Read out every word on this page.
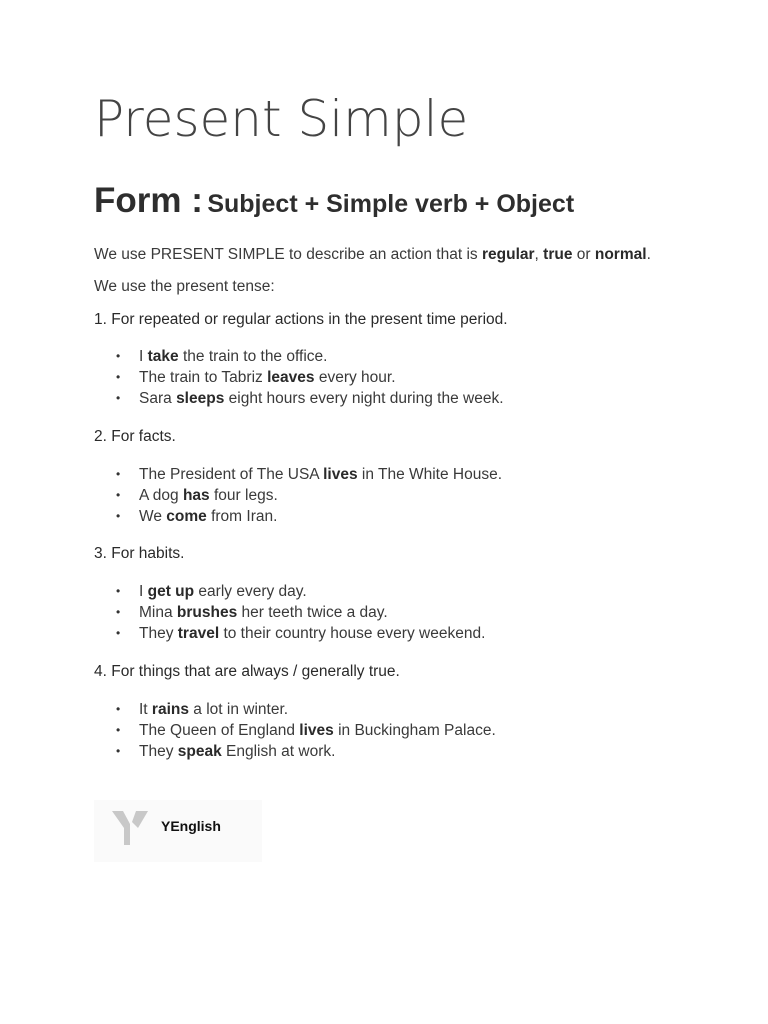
Present Simple

Form : Subject + Simple verb + Object

We use PRESENT SIMPLE to describe an action that is regular, true or normal.

We use the present tense:

1. For repeated or regular actions in the present time period.

• I take the train to the office.
• The train to Tabriz leaves every hour.
• Sara sleeps eight hours every night during the week.

2. For facts.

• The President of The USA lives in The White House.
• A dog has four legs.
• We come from Iran.

3. For habits.

• I get up early every day.
• Mina brushes her teeth twice a day.
• They travel to their country house every weekend.

4. For things that are always / generally true.

• It rains a lot in winter.
• The Queen of England lives in Buckingham Palace.
• They speak English at work.
YEnglish
